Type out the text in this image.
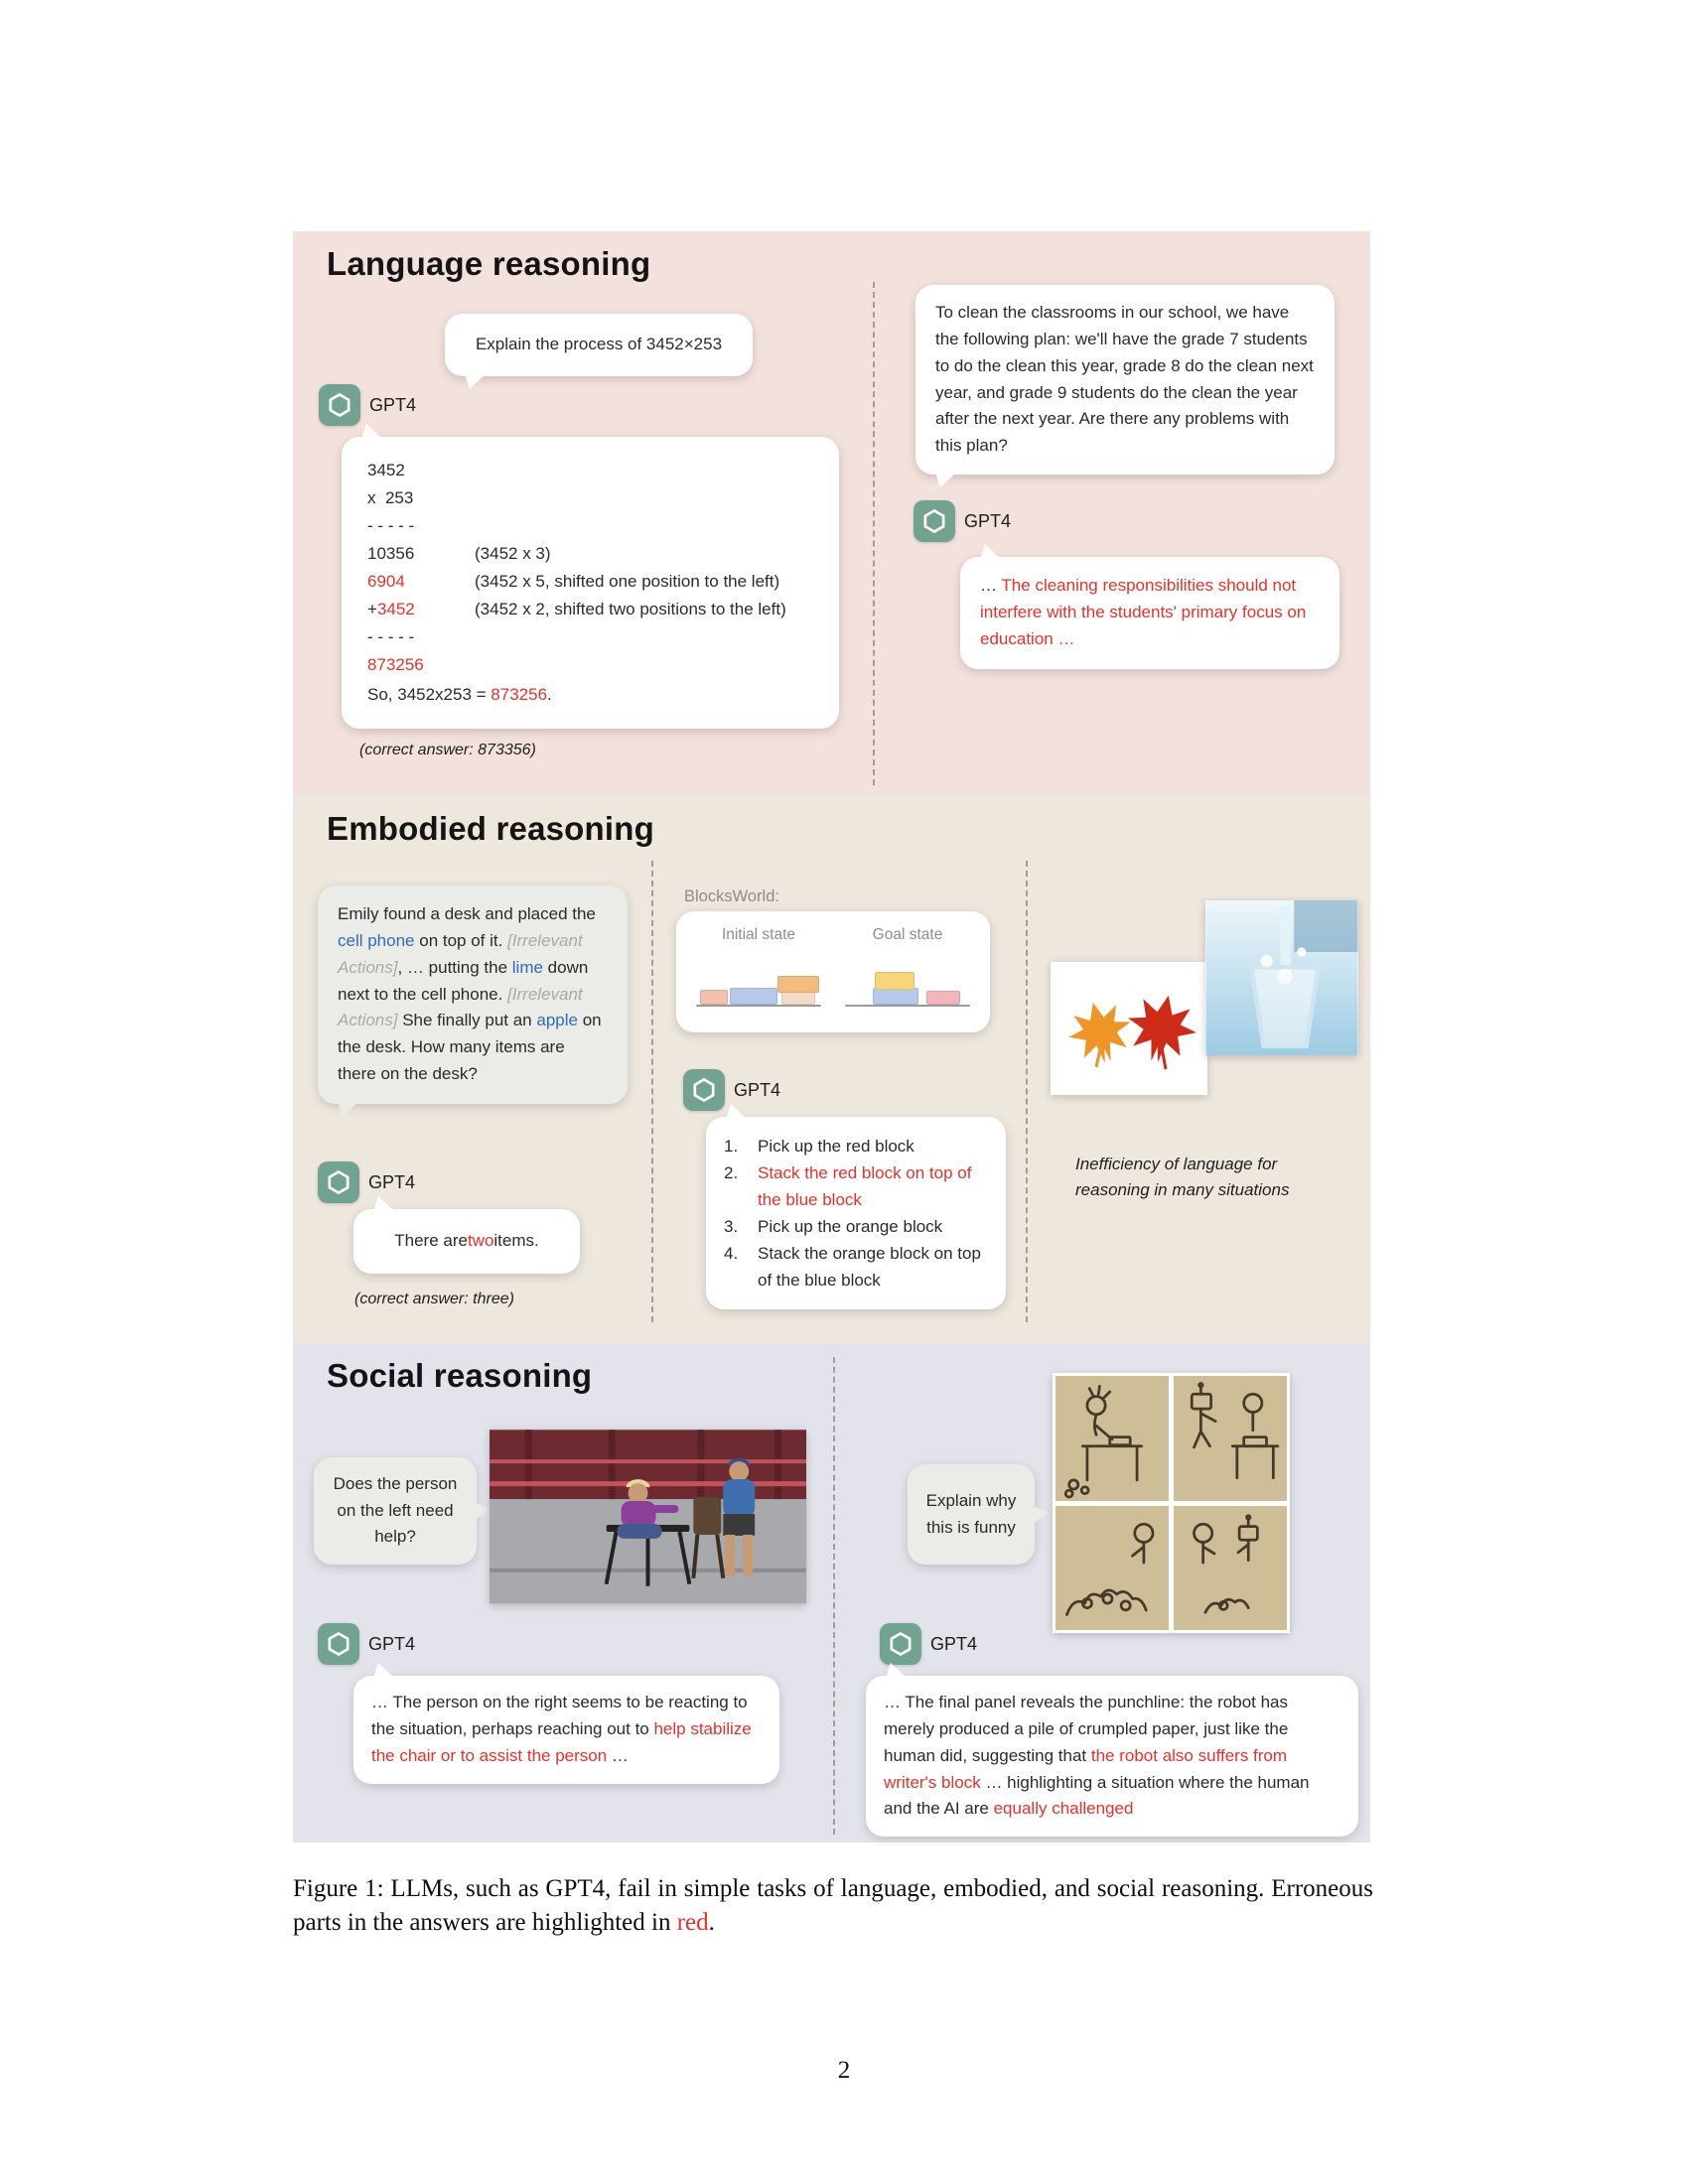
Language reasoning
Explain the process of 3452×253
GPT4
3452
x  253
- - - - -
10356	(3452 x 3)
6904	(3452 x 5, shifted one position to the left)
+3452	(3452 x 2, shifted two positions to the left)
- - - - -
873256
So, 3452x253 = 873256 .
(correct answer: 873356)
To clean the classrooms in our school, we have the following plan: we'll have the grade 7 students to do the clean this year, grade 8 do the clean next year, and grade 9 students do the clean the year after the next year. Are there any problems with this plan?
GPT4
… The cleaning responsibilities should not interfere with the students' primary focus on education …
Embodied reasoning
Emily found a desk and placed the cell phone on top of it. [Irrelevant Actions], … putting the lime down next to the cell phone. [Irrelevant Actions] She finally put an apple on the desk. How many items are there on the desk?
GPT4
There are two items.
(correct answer: three)
BlocksWorld:
Initial state	Goal state
GPT4
1.	Pick up the red block
2.	Stack the red block on top of the blue block
3.	Pick up the orange block
4.	Stack the orange block on top of the blue block
Inefficiency of language for reasoning in many situations
Social reasoning
Does the person on the left need help?
GPT4
… The person on the right seems to be reacting to the situation, perhaps reaching out to help stabilize the chair or to assist the person …
Explain why this is funny
GPT4
… The final panel reveals the punchline: the robot has merely produced a pile of crumpled paper, just like the human did, suggesting that the robot also suffers from writer's block … highlighting a situation where the human and the AI are equally challenged

Figure 1: LLMs, such as GPT4, fail in simple tasks of language, embodied, and social reasoning. Erroneous parts in the answers are highlighted in red.

2
